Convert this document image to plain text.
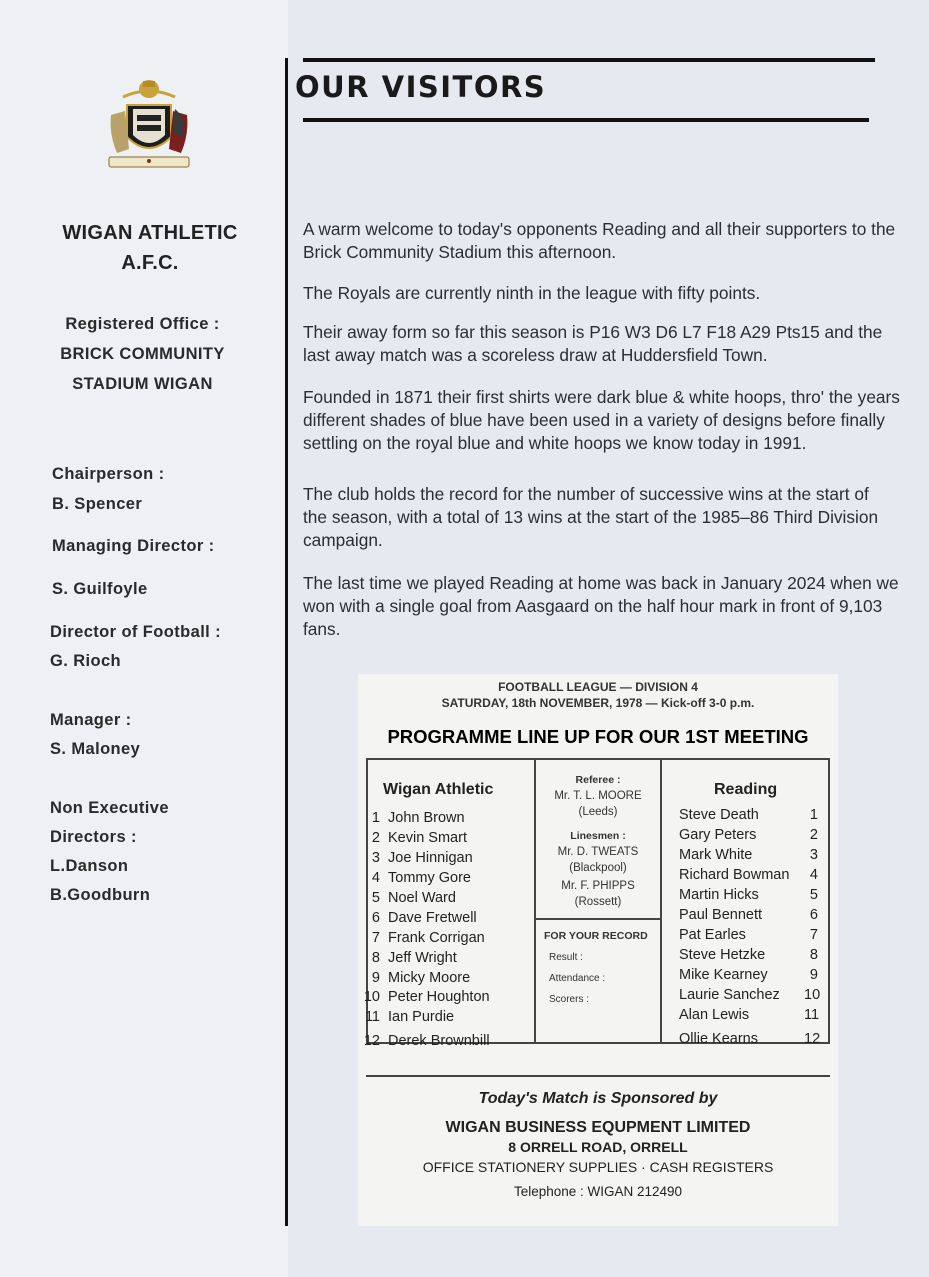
WIGAN ATHLETIC
A.F.C.
Registered Office :
BRICK COMMUNITY
STADIUM WIGAN
Chairperson :
B. Spencer
Managing Director :
S. Guilfoyle
Director of Football :
G. Rioch
Manager :
S. Maloney
Non Executive
Directors :
L.Danson
B.Goodburn
OUR VISITORS

A warm welcome to today's opponents Reading and all their supporters to the Brick Community Stadium this afternoon.

The Royals are currently ninth in the league with fifty points.

Their away form so far this season is P16 W3 D6 L7 F18 A29 Pts15 and the last away match was a scoreless draw at Huddersfield Town.

Founded in 1871 their first shirts were dark blue & white hoops, thro' the years different shades of blue have been used in a variety of designs before finally settling on the royal blue and white hoops we know today in 1991.

The club holds the record for the number of successive wins at the start of the season, with a total of 13 wins at the start of the 1985–86 Third Division campaign.

The last time we played Reading at home was back in January 2024 when we won with a single goal from Aasgaard on the half hour mark in front of 9,103 fans.

FOOTBALL LEAGUE — DIVISION 4
SATURDAY, 18th NOVEMBER, 1978 — Kick-off 3-0 p.m.
PROGRAMME LINE UP FOR OUR 1ST MEETING
Wigan Athletic	Reading
1 John Brown
2 Kevin Smart
3 Joe Hinnigan
4 Tommy Gore
5 Noel Ward
6 Dave Fretwell
7 Frank Corrigan
8 Jeff Wright
9 Micky Moore
10 Peter Houghton
11 Ian Purdie
12 Derek Brownbill
Steve Death	1
Gary Peters	2
Mark White	3
Richard Bowman	4
Martin Hicks	5
Paul Bennett	6
Pat Earles	7
Steve Hetzke	8
Mike Kearney	9
Laurie Sanchez 10
Alan Lewis	11
Ollie Kearns	12
Referee :
Mr. T. L. MOORE
(Leeds)
Linesmen :
Mr. D. TWEATS
(Blackpool)
Mr. F. PHIPPS
(Rossett)
FOR YOUR RECORD
Result :
Attendance :
Scorers :
Today's Match is Sponsored by
WIGAN BUSINESS EQUPMENT LIMITED
8 ORRELL ROAD, ORRELL
OFFICE STATIONERY SUPPLIES · CASH REGISTERS
Telephone : WIGAN 212490
